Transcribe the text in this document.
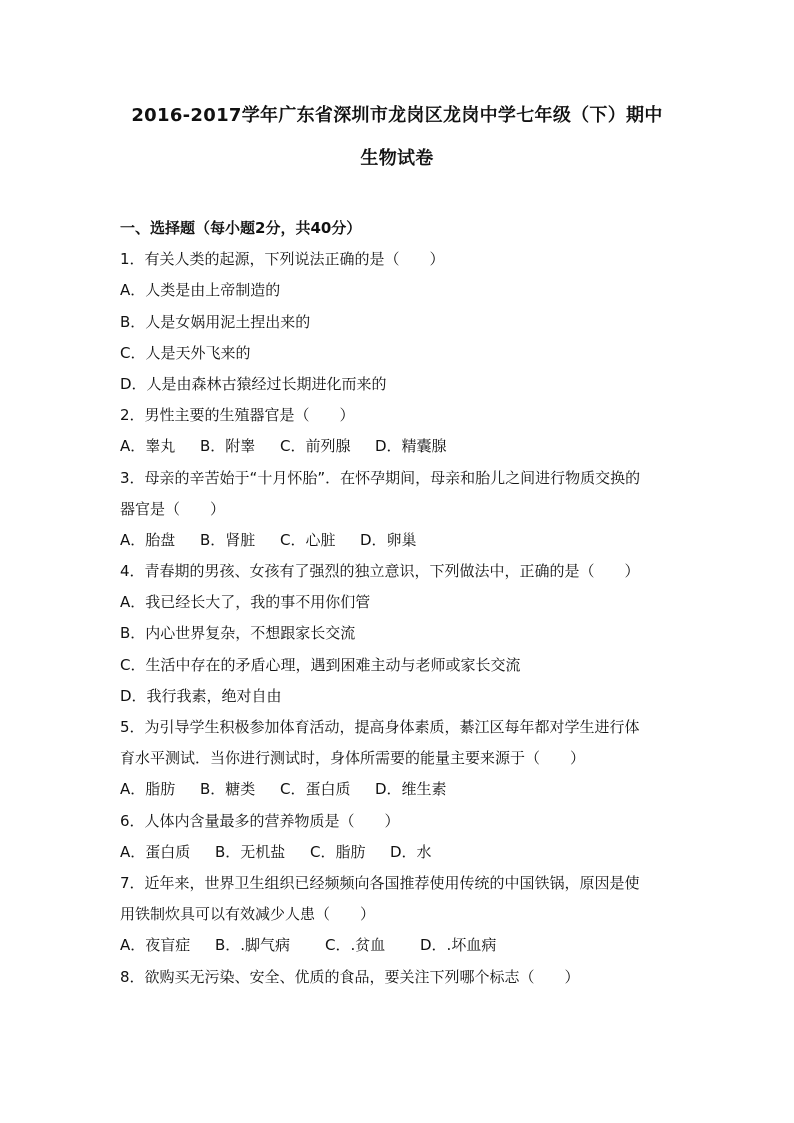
2016-2017学年广东省深圳市龙岗区龙岗中学七年级（下）期中
生物试卷
一、选择题（每小题2分，共40分）
1．有关人类的起源，下列说法正确的是（　　）
A．人类是由上帝制造的
B．人是女娲用泥土捏出来的
C．人是天外飞来的
D．人是由森林古猿经过长期进化而来的
2．男性主要的生殖器官是（　　）
A．睾丸 B．附睾 C．前列腺 D．精囊腺
3．母亲的辛苦始于“十月怀胎”．在怀孕期间，母亲和胎儿之间进行物质交换的
器官是（　　）
A．胎盘 B．肾脏 C．心脏 D．卵巢
4．青春期的男孩、女孩有了强烈的独立意识，下列做法中，正确的是（　　）
A．我已经长大了，我的事不用你们管
B．内心世界复杂，不想跟家长交流
C．生活中存在的矛盾心理，遇到困难主动与老师或家长交流
D．我行我素，绝对自由
5．为引导学生积极参加体育活动，提高身体素质，綦江区每年都对学生进行体
育水平测试．当你进行测试时，身体所需要的能量主要来源于（　　）
A．脂肪 B．糖类 C．蛋白质 D．维生素
6．人体内含量最多的营养物质是（　　）
A．蛋白质 B．无机盐 C．脂肪 D．水
7．近年来，世界卫生组织已经频频向各国推荐使用传统的中国铁锅，原因是使
用铁制炊具可以有效减少人患（　　）
A．夜盲症 B．.脚气病 C．.贫血 D．.坏血病
8．欲购买无污染、安全、优质的食品，要关注下列哪个标志（　　）
